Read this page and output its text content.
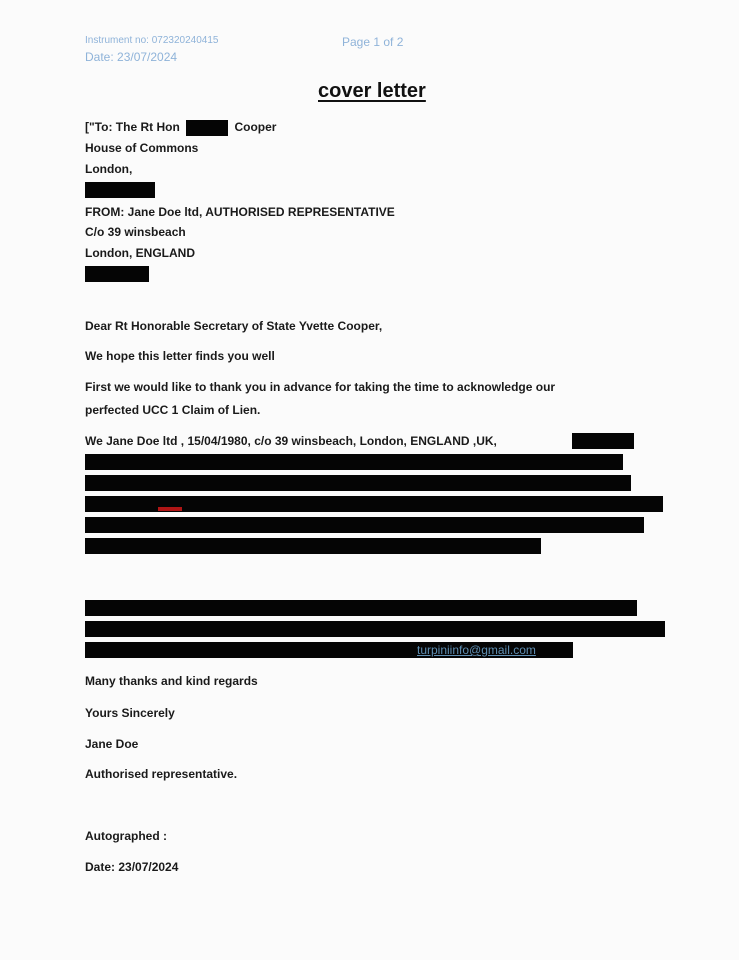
Instrument no: 072320240415
Date: 23/07/2024
Page 1 of 2
cover letter
["To: The Rt Hon	Cooper
House of Commons
London,
FROM: Jane Doe ltd, AUTHORISED REPRESENTATIVE
C/o 39 winsbeach
London, ENGLAND
Dear Rt Honorable Secretary of State Yvette Cooper,
We hope this letter finds you well
First we would like to thank you in advance for taking the time to acknowledge our
perfected UCC 1 Claim of Lien.
We Jane Doe ltd , 15/04/1980, c/o 39 winsbeach, London, ENGLAND ,UK,
turpiniinfo@gmail.com
Many thanks and kind regards
Yours Sincerely
Jane Doe
Authorised representative.
Autographed :
Date: 23/07/2024
